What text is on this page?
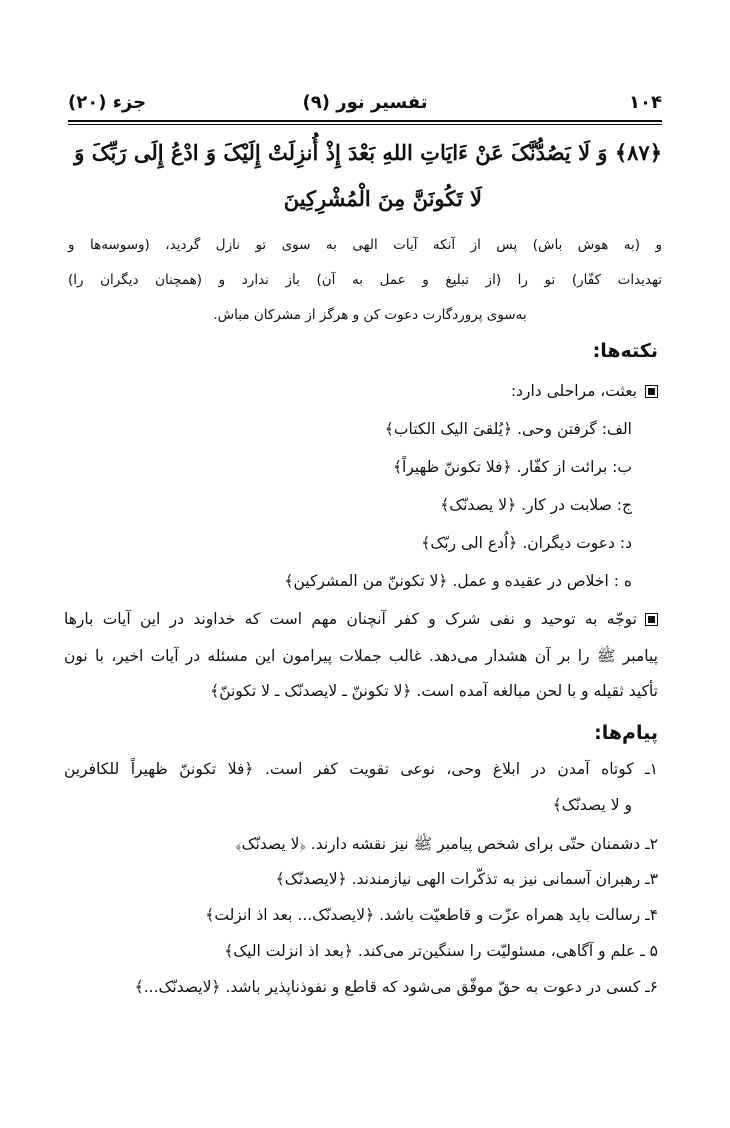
۱۰۴
تفسیر نور (۹)
جزء (۲۰)
﴿۸۷﴾ وَ لَا یَصُدُّنَّکَ عَنْ ءَایَاتِ اللهِ بَعْدَ إِذْ أُنزِلَتْ إِلَیْکَ وَ ادْعُ إِلَى رَبِّکَ وَ
لَا تَکُونَنَّ مِنَ الْمُشْرِکِینَ
و (به هوش باش) پس از آنکه آیات الهى به سوى تو نازل گردید، (وسوسه‌ها و
تهدیدات کفّار) تو را (از تبلیغ و عمل به آن) باز ندارد و (همچنان دیگران را)
به‌سوى پروردگارت دعوت کن و هرگز از مشرکان مباش.
نکته‌ها:
بعثت، مراحلى دارد:
الف: گرفتن وحى. ﴿یُلقىَ الیک الکتاب﴾
ب: برائت از کفّار. ﴿فلا تکوننّ ظهیراً﴾
ج: صلابت در کار. ﴿لا یصدنّک﴾
د: دعوت دیگران. ﴿اُدع الى ربّک﴾
ه : اخلاص در عقیده و عمل. ﴿لا تکوننّ من المشرکین﴾
توجّه به توحید و نفى شرک و کفر آنچنان مهم است که خداوند در این آیات بارها
پیامبر ﷺ را بر آن هشدار مى‌دهد. غالب جملات پیرامون این مسئله در آیات اخیر، با نون
تأکید ثقیله و با لحن مبالغه آمده است. ﴿لا تکوننّ ـ لایصدنّک ـ لا تکوننّ﴾
پیام‌ها:
۱ـ کوتاه آمدن در ابلاغ وحى، نوعى تقویت کفر است. ﴿فلا تکوننّ ظهیراً للکافرین
و لا یصدنّک﴾
۲ـ دشمنان حتّى براى شخص پیامبر ﷺ نیز نقشه دارند. ﴿لا یصدنّک﴾
۳ـ رهبران آسمانى نیز به تذکّرات الهى نیازمندند. ﴿لایصدنّک﴾
۴ـ رسالت باید همراه عزّت و قاطعیّت باشد. ﴿لایصدنّک... بعد اذ انزلت﴾
۵ ـ علم و آگاهى، مسئولیّت را سنگین‌تر مى‌کند. ﴿بعد اذ انزلت الیک﴾
۶ـ کسى در دعوت به حقّ موفّق مى‌شود که قاطع و نفوذناپذیر باشد. ﴿لایصدنّک...﴾
